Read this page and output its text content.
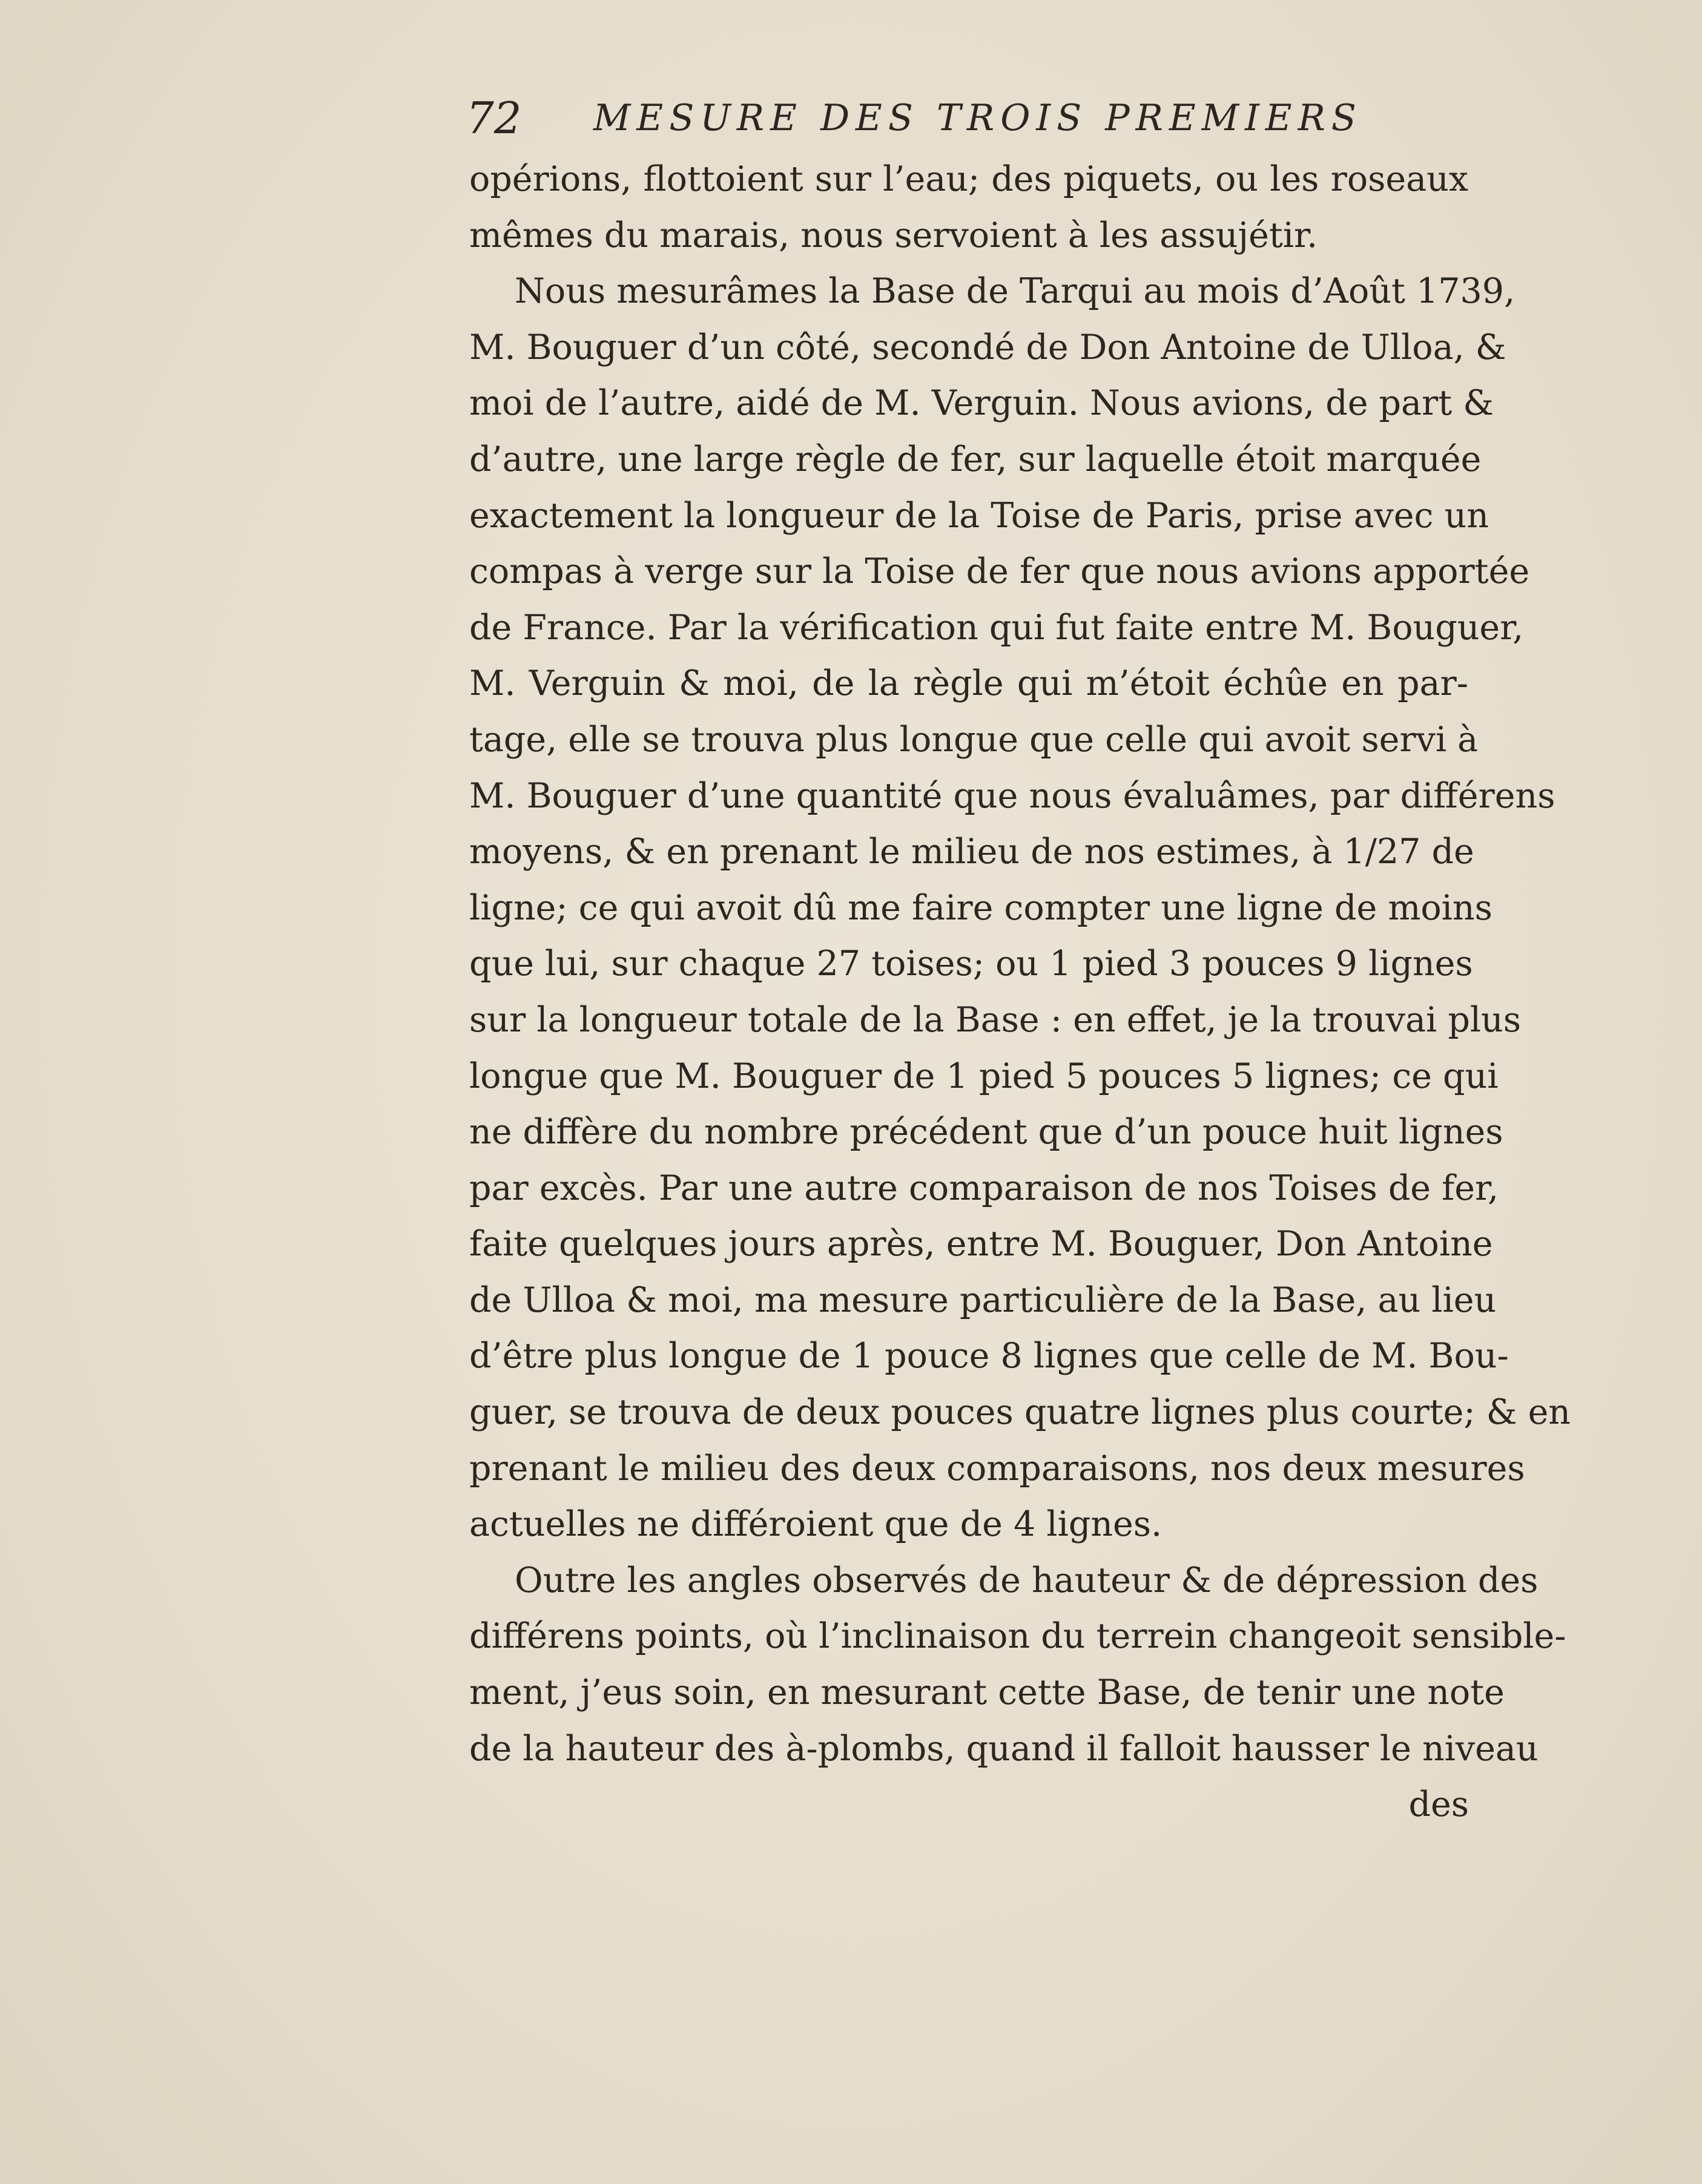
72 MESURE DES TROIS PREMIERS
opérions, flottoient sur l’eau; des piquets, ou les roseaux
mêmes du marais, nous servoient à les assujétir.
Nous mesurâmes la Base de Tarqui au mois d’Août 1739,
M. Bouguer d’un côté, secondé de Don Antoine de Ulloa, &
moi de l’autre, aidé de M. Verguin. Nous avions, de part &
d’autre, une large règle de fer, sur laquelle étoit marquée
exactement la longueur de la Toise de Paris, prise avec un
compas à verge sur la Toise de fer que nous avions apportée
de France. Par la vérification qui fut faite entre M. Bouguer,
M. Verguin & moi, de la règle qui m’étoit échûe en par-
tage, elle se trouva plus longue que celle qui avoit servi à
M. Bouguer d’une quantité que nous évaluâmes, par différens
moyens, & en prenant le milieu de nos estimes, à 1/27 de
ligne; ce qui avoit dû me faire compter une ligne de moins
que lui, sur chaque 27 toises; ou 1 pied 3 pouces 9 lignes
sur la longueur totale de la Base : en effet, je la trouvai plus
longue que M. Bouguer de 1 pied 5 pouces 5 lignes; ce qui
ne diffère du nombre précédent que d’un pouce huit lignes
par excès. Par une autre comparaison de nos Toises de fer,
faite quelques jours après, entre M. Bouguer, Don Antoine
de Ulloa & moi, ma mesure particulière de la Base, au lieu
d’être plus longue de 1 pouce 8 lignes que celle de M. Bou-
guer, se trouva de deux pouces quatre lignes plus courte; & en
prenant le milieu des deux comparaisons, nos deux mesures
actuelles ne différoient que de 4 lignes.
Outre les angles observés de hauteur & de dépression des
différens points, où l’inclinaison du terrein changeoit sensible-
ment, j’eus soin, en mesurant cette Base, de tenir une note
de la hauteur des à-plombs, quand il falloit hausser le niveau
des
